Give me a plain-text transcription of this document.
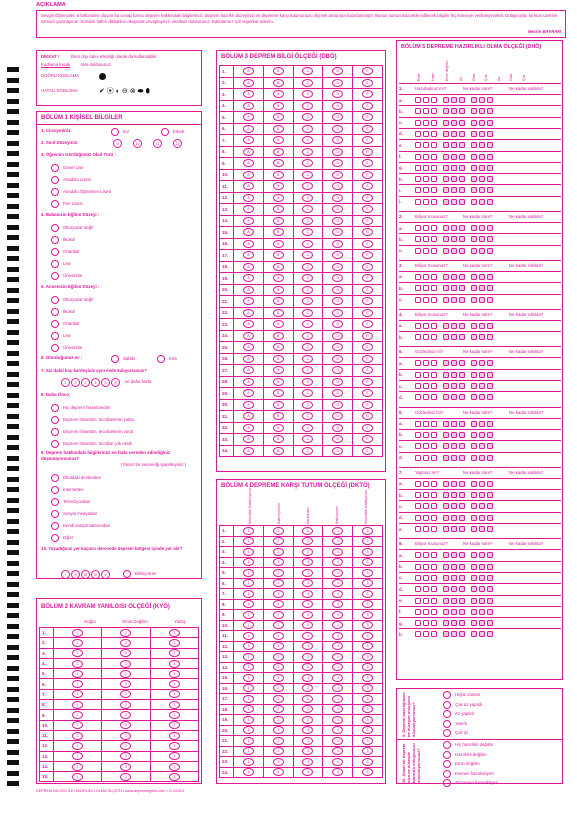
AÇIKLAMA
Sevgili Öğrenciler, 5 bölümden oluşan bu cevap formu deprem hakkındaki bilgilerinizi, deprem hazırlık düzeyinizi ve depreme karşı tutumunuzu ölçmek amacıyla hazırlanmıştır. Bunun sonucunda elde edilecek bilgiler hiç kimseye verilmeyecektir. Dolayısıyla, formun üzerine isminizi yazmayınız. Soruları lütfen dikkatlice okuyarak cevaplayınız, eksiksiz doldurunuz. Katkılarınız için teşekkür ederim.
Nesrin BAYRAM
DİKKAT !	Ders dışı ödev etkinliği olarak da kullanılabilir.
Kodlama Kuralı tam doldurunuz.
DOĞRU KODLAMA
HATALI KODLAMA	✔ ⦿ ◐ ⊖ ⊗ ⬬ ⬮
BÖLÜM 1 KİŞİSEL BİLGİLER
1. Cinsiyetiniz:	Kız	Erkek
2. Sınıf Düzeyiniz:	9	10	11	12
3. Öğrenim Gördüğünüz Okul Türü :
Genel Lise
Anadolu Lisesi
Anadolu Öğretmen Lisesi
Fen Lisesi
4. Babanızın Eğitim Düzeyi :
Okuryazar değil
İlkokul
Ortaokul
Lise
Üniversite
5. Annenizin Eğitim Düzeyi :
Okuryazar değil
İlkokul
Ortaokul
Lise
Üniversite
6. Oturduğunuz ev :	Sahibi	Kira
7. Siz dahil kaç kardeşiniz aynı evde kalıyorsunuz?
1	2	3	4	5	6	ve daha fazla
8. Daha Önce;
Hiç deprem hissetmedim
Deprem hissettim, tecrübelerim yoktu.
Deprem hissettim, tecrübelerim vardı
Deprem hissettim, tecrübe çok eksik
9. Deprem hakkındaki bilgilerinizi en fazla nereden edindiğiniz düşünüyorsunuz?
(Yalnız bir seçeneği işaretleyiniz.)
Okuldaki derslerden
İnternetten
Televizyondan
Sosyal medyadan
Kendi araştırmalarımdan
Diğer
10. Yaşadığınız yer kaçıncı derecede deprem bölgesi içinde yer alır?
I	II	III	IV	V	Bilmiyorum
BÖLÜM 2 KAVRAM YANILGISI ÖLÇEĞİ (KYÖ)
Doğru	Emin Değilim	Yanlış
1.	1	2	3
2.	1	2	3
3.	1	2	3
4.	1	2	3
5.	1	2	3
6.	1	2	3
7.	1	2	3
8.	1	2	3
9.	1	2	3
10.	1	2	3
11.	1	2	3
12.	1	2	3
13.	1	2	3
14.	1	2	3
15.	1	2	3
BÖLÜM 3 DEPREM BİLGİ ÖLÇEĞİ (DBÖ)
1.	A	B	C	D	E
2.	A	B	C	D	E
3.	A	B	C	D	E
4.	A	B	C	D	E
5.	A	B	C	D	E
6.	A	B	C	D	E
7.	A	B	C	D	E
8.	A	B	C	D	E
9.	A	B	C	D	E
10.	A	B	C	D	E
11.	A	B	C	D	E
12.	A	B	C	D	E
13.	A	B	C	D	E
14.	A	B	C	D	E
15.	A	B	C	D	E
16.	A	B	C	D	E
17.	A	B	C	D	E
18.	A	B	C	D	E
19.	A	B	C	D	E
20.	A	B	C	D	E
21.	A	B	C	D	E
22.	A	B	C	D	E
23.	A	B	C	D	E
24.	A	B	C	D	E
25.	A	B	C	D	E
26.	A	B	C	D	E
27.	A	B	C	D	E
28.	A	B	C	D	E
29.	A	B	C	D	E
30.	A	B	C	D	E
31.	A	B	C	D	E
32.	A	B	C	D	E
33.	A	B	C	D	E
34.	A	B	C	D	E
BÖLÜM 4 DEPREME KARŞI TUTUM ÖLÇEĞİ (DKTÖ)
Kesinlikle Katılmıyorum	Katılmıyorum	Kararsızım	Katılıyorum	Kesinlikle Katılıyorum
1.	1	2	3	4	5
2.	1	2	3	4	5
3.	1	2	3	4	5
4.	1	2	3	4	5
5.	1	2	3	4	5
6.	1	2	3	4	5
7.	1	2	3	4	5
8.	1	2	3	4	5
9.	1	2	3	4	5
10.	1	2	3	4	5
11.	1	2	3	4	5
12.	1	2	3	4	5
13.	1	2	3	4	5
14.	1	2	3	4	5
15.	1	2	3	4	5
16.	1	2	3	4	5
17.	1	2	3	4	5
18.	1	2	3	4	5
19.	1	2	3	4	5
20.	1	2	3	4	5
21.	1	2	3	4	5
22.	1	2	3	4	5
23.	1	2	3	4	5
24.	1	2	3	4	5
BÖLÜM 5 DEPREME HAZIRLIKLI OLMA ÖLÇEĞİ (DHÖ)
Evet	Hayır	Emin değilim	Az	Orta	Çok	Az	Orta	Çok
1.	Hazırladınız mı?	Ne kadar süre?	Ne kadar sıklıkla?
a.
b.
c.
d.
e.
f.
g.
h.
ı.
i.
2.	Biliyor musunuz?	Ne kadar süre?	Ne kadar sıklıkla?
a.
b.
c.
3.	Biliyor musunuz?	Ne kadar süre?	Ne kadar sıklıkla?
a.
b.
c.
4.	Biliyor musunuz?	Ne kadar süre?	Ne kadar sıklıkla?
a.
b.
5.	Gözlediniz mi?	Ne kadar süre?	Ne kadar sıklıkla?
a.
b.
c.
d.
6.	Gözlediniz mi?	Ne kadar süre?	Ne kadar sıklıkla?
a.
b.
c.
d.
7.	Yaptınız mı?	Ne kadar süre?	Ne kadar sıklıkla?
a.
b.
c.
d.
e.
8.	Biliyor musunuz?	Ne kadar süre?	Ne kadar sıklıkla?
a.
b.
c.
d.
e.
f.
g.
h.
9. Deprem hazırlığınızın ne düzeyde olduğunu düşünüyorsunuz?
Hiçbir zaman
Çok az yapıldı
Az yapıldı
Yeterli
Çok iyi
10. Şimdi bir deprem olsa ne düzeyde hazırlıklı olduğunuzu düşünüyorsunuz?
Hiç hazırlıklı değilim
Hazırlıklı değilim
Emin değilim
Kısmen hazırlıklıyım
Tamamen hazırlıklıyım
DEPREM BİLGİSİ İLE HAZIRLIKLI OLMA ÖLÇEĞİ • www.depremegitim.com • D-1/2021
